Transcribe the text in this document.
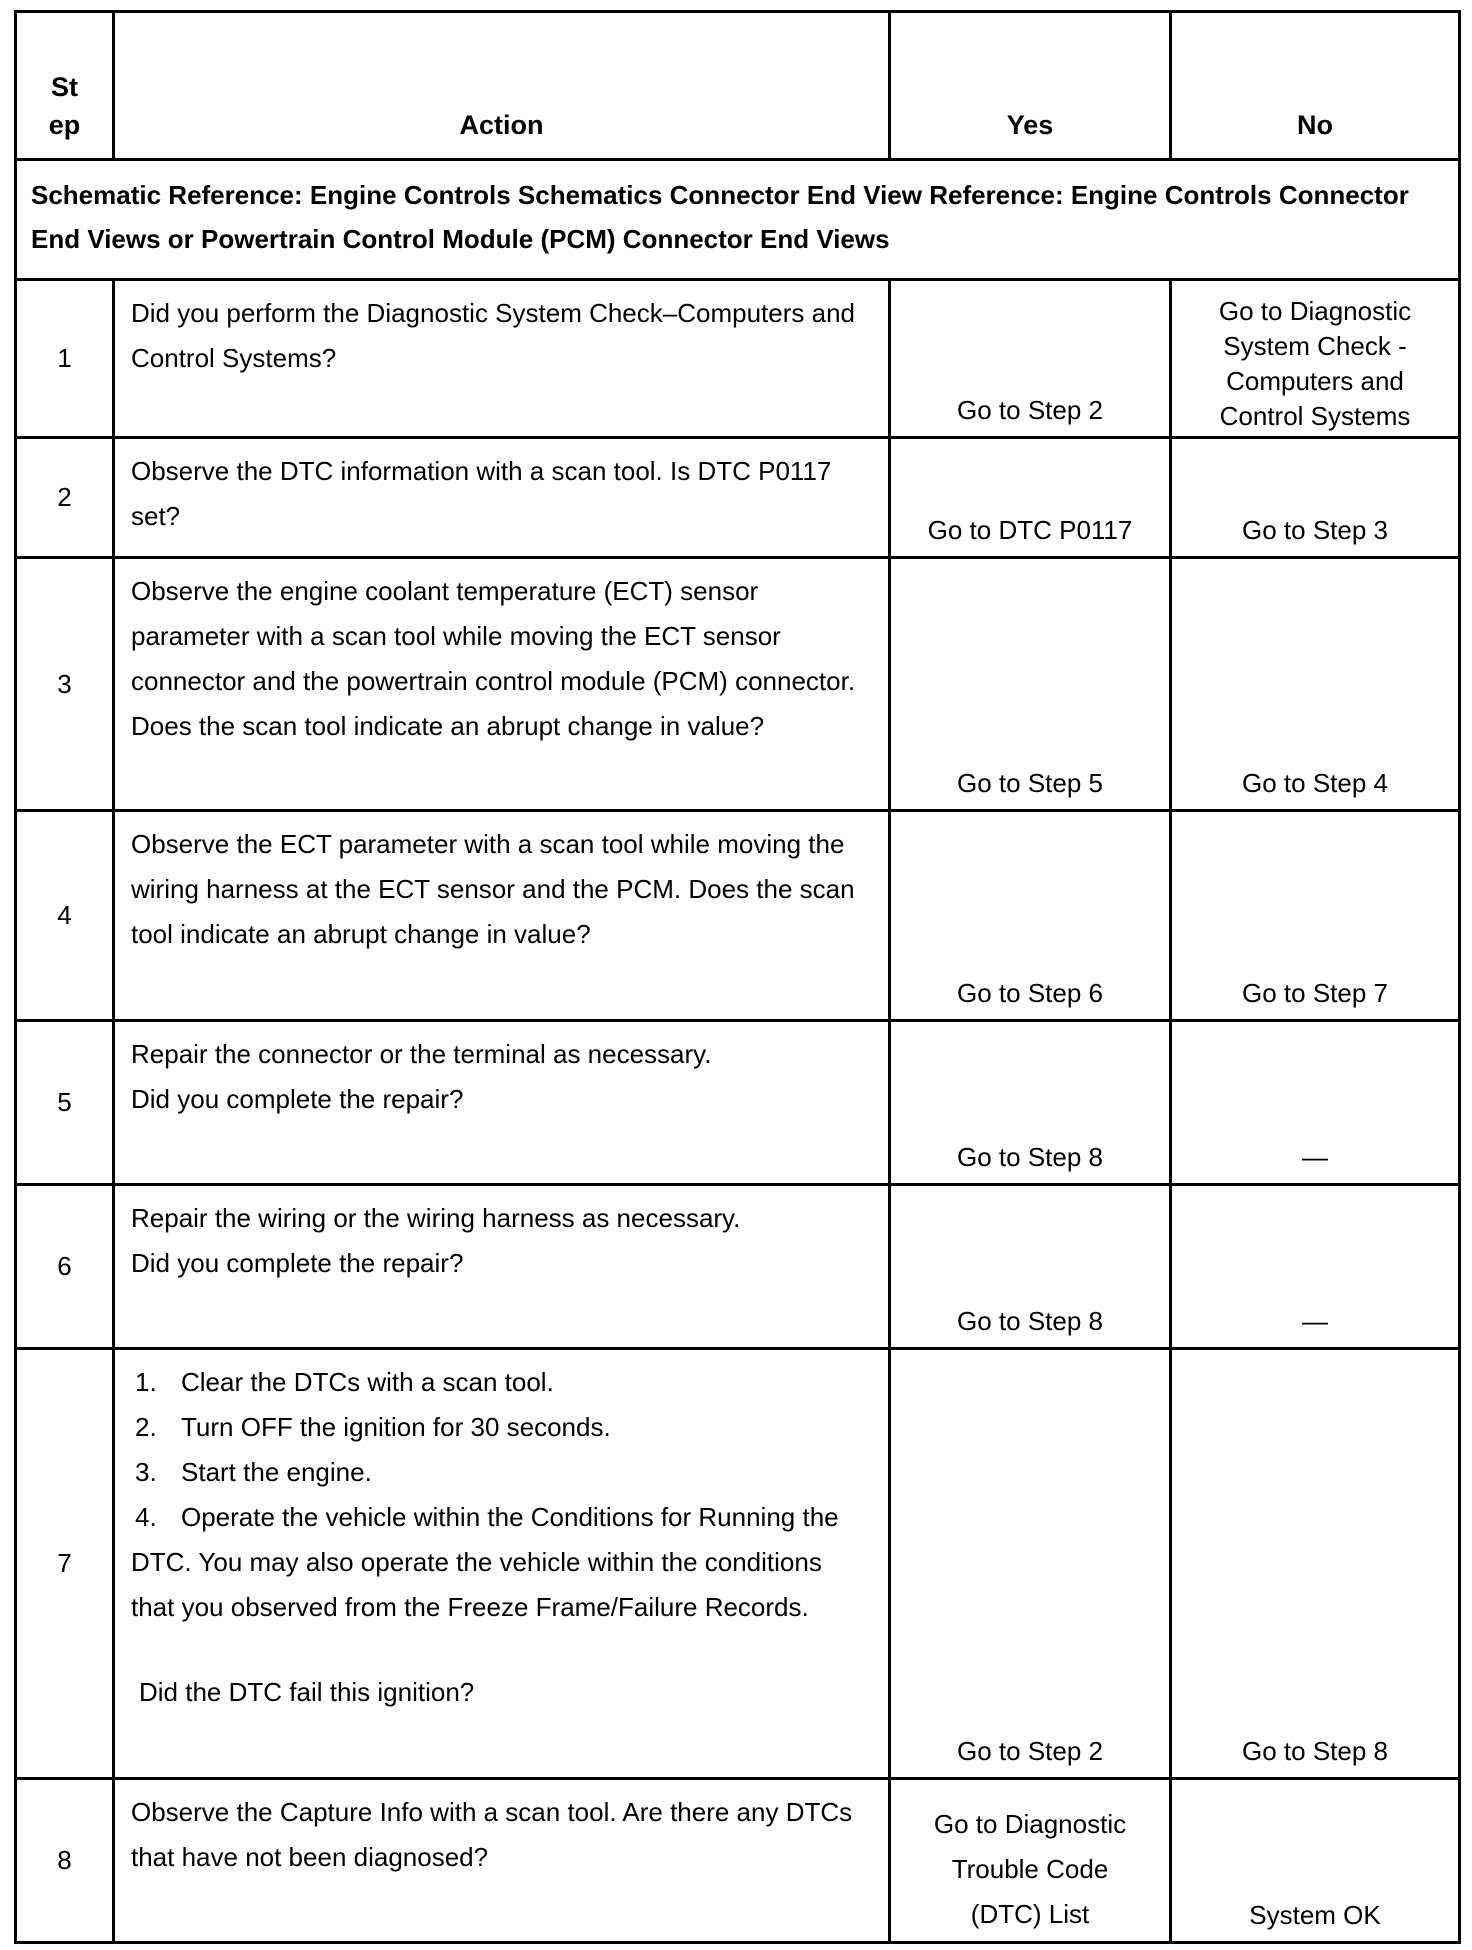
St ep	Action	Yes	No

Schematic Reference: Engine Controls Schematics Connector End View Reference: Engine Controls Connector End Views or Powertrain Control Module (PCM) Connector End Views			
1	Did you perform the Diagnostic System Check–Computers and Control Systems?	Go to Step 2	Go to Diagnostic System Check - Computers and Control Systems

2	Observe the DTC information with a scan tool. Is DTC P0117 set?	Go to DTC P0117	Go to Step 3

3	Observe the engine coolant temperature (ECT) sensor parameter with a scan tool while moving the ECT sensor connector and the powertrain control module (PCM) connector. Does the scan tool indicate an abrupt change in value?	Go to Step 5	Go to Step 4

4	Observe the ECT parameter with a scan tool while moving the wiring harness at the ECT sensor and the PCM. Does the scan tool indicate an abrupt change in value?	Go to Step 6	Go to Step 7

5	Repair the connector or the terminal as necessary.
Did you complete the repair?	Go to Step 8	—

6	Repair the wiring or the wiring harness as necessary.
Did you complete the repair?	Go to Step 8	—

7	1. Clear the DTCs with a scan tool.
2. Turn OFF the ignition for 30 seconds.
3. Start the engine.
4. Operate the vehicle within the Conditions for Running the DTC. You may also operate the vehicle within the conditions that you observed from the Freeze Frame/Failure Records.
Did the DTC fail this ignition?	Go to Step 2	Go to Step 8

8	Observe the Capture Info with a scan tool. Are there any DTCs that have not been diagnosed?	Go to Diagnostic Trouble Code (DTC) List	System OK
